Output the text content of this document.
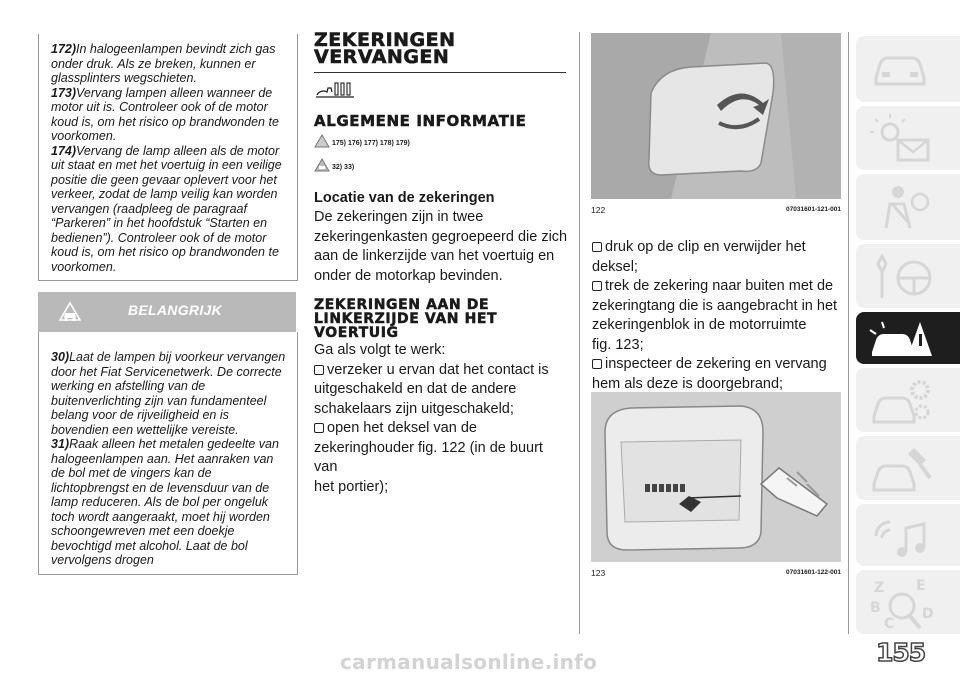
172)In halogeenlampen bevindt zich gas onder druk. Als ze breken, kunnen er glassplinters wegschieten.

173)Vervang lampen alleen wanneer de motor uit is. Controleer ook of de motor koud is, om het risico op brandwonden te voorkomen.

174)Vervang de lamp alleen als de motor uit staat en met het voertuig in een veilige positie die geen gevaar oplevert voor het verkeer, zodat de lamp veilig kan worden vervangen (raadpleeg de paragraaf “Parkeren” in het hoofdstuk “Starten en bedienen”). Controleer ook of de motor koud is, om het risico op brandwonden te voorkomen.

BELANGRIJK

30)Laat de lampen bij voorkeur vervangen door het Fiat Servicenetwerk. De correcte werking en afstelling van de buitenverlichting zijn van fundamenteel belang voor de rijveiligheid en is bovendien een wettelijke vereiste.

31)Raak alleen het metalen gedeelte van halogeenlampen aan. Het aanraken van de bol met de vingers kan de lichtopbrengst en de levensduur van de lamp reduceren. Als de bol per ongeluk toch wordt aangeraakt, moet hij worden schoongewreven met een doekje bevochtigd met alcohol. Laat de bol vervolgens drogen

ZEKERINGEN

VERVANGEN

ALGEMENE INFORMATIE

175) 176) 177) 178) 179)
32) 33)

Locatie van de zekeringen

De zekeringen zijn in twee

zekeringenkasten gegroepeerd die zich

aan de linkerzijde van het voertuig en

onder de motorkap bevinden.

ZEKERINGEN AAN DE

LINKERZIJDE VAN HET

VOERTUIG

Ga als volgt te werk:

verzeker u ervan dat het contact is

uitgeschakeld en dat de andere

schakelaars zijn uitgeschakeld;

open het deksel van de

zekeringhouder fig. 122 (in de buurt van

het portier);

122	07031601-121-001

druk op de clip en verwijder het

deksel;

trek de zekering naar buiten met de

zekeringtang die is aangebracht in het

zekeringenblok in de motorruimte

fig. 123;

inspecteer de zekering en vervang

hem als deze is doorgebrand;

123	07031601-122-001
Z E
B
C
D
155
carmanualsonline.info
